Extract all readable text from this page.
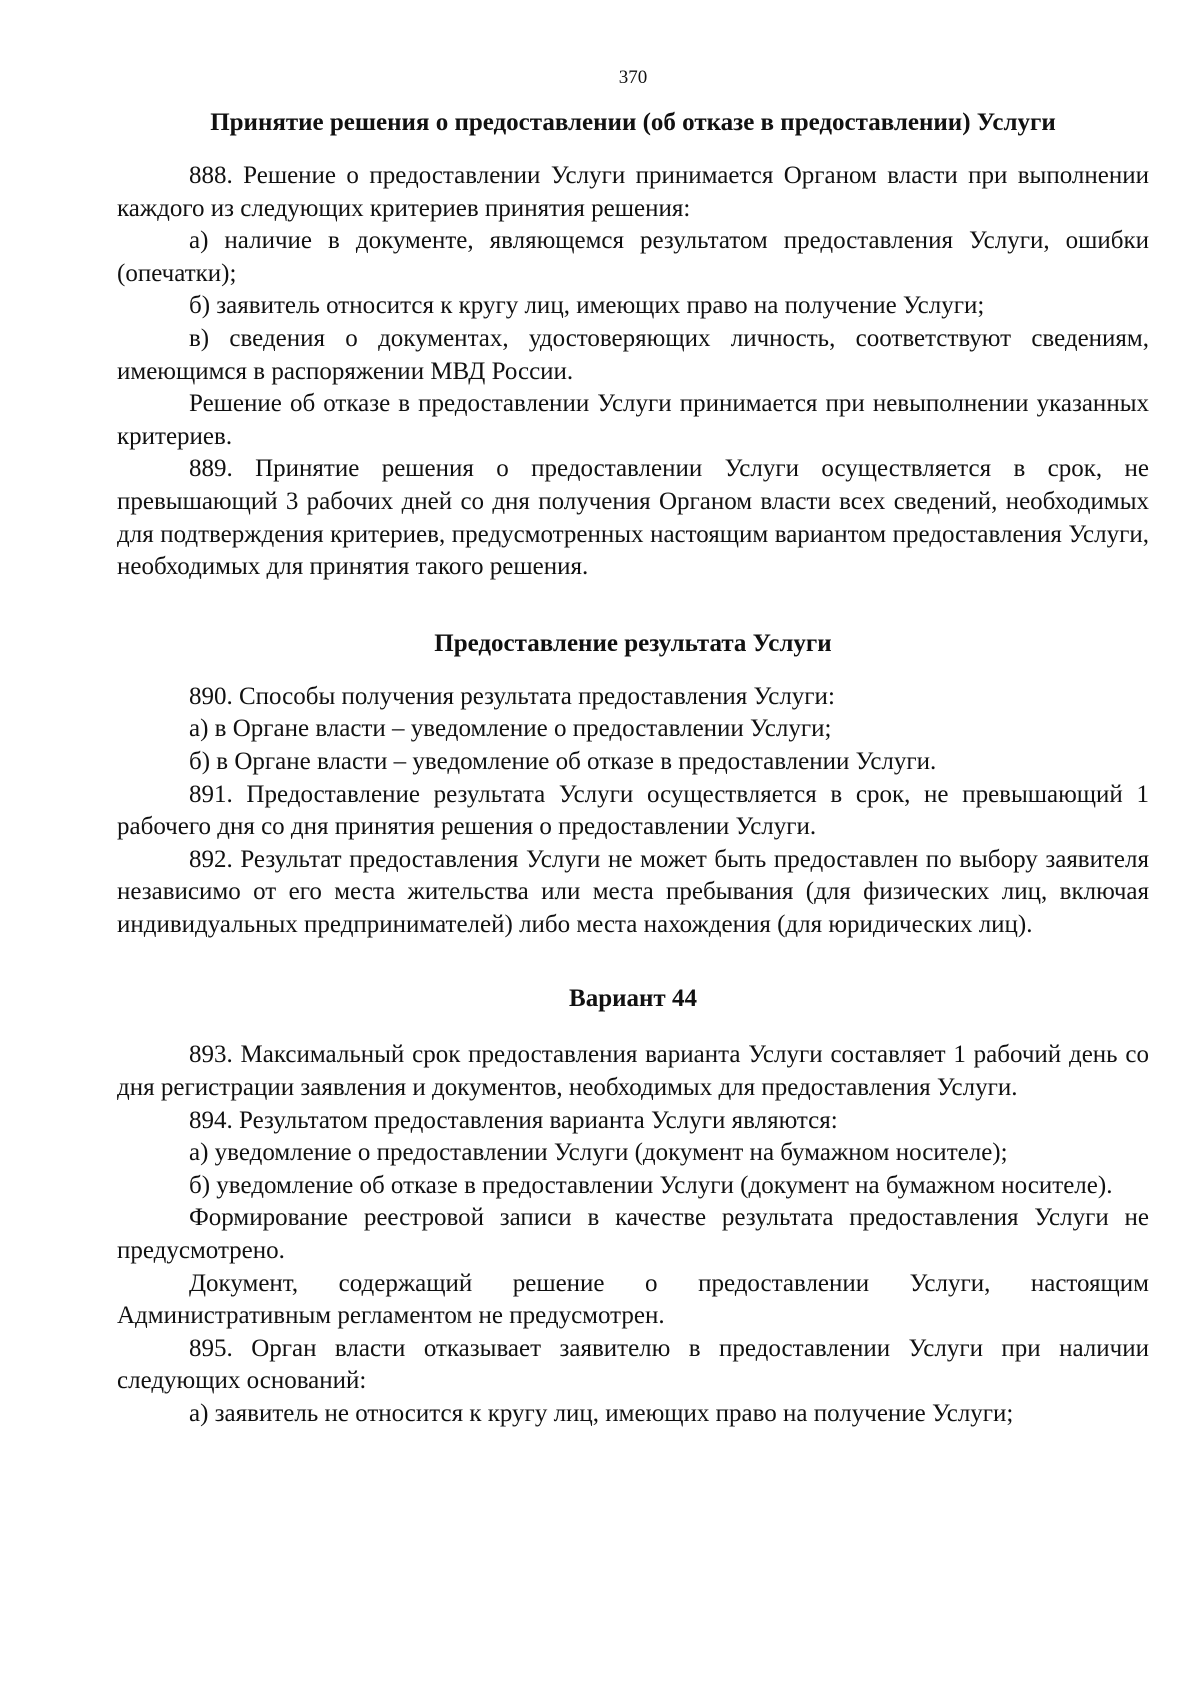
370
Принятие решения о предоставлении (об отказе в предоставлении) Услуги

888. Решение о предоставлении Услуги принимается Органом власти при выполнении каждого из следующих критериев принятия решения:

а) наличие в документе, являющемся результатом предоставления Услуги, ошибки (опечатки);

б) заявитель относится к кругу лиц, имеющих право на получение Услуги;

в) сведения о документах, удостоверяющих личность, соответствуют сведениям, имеющимся в распоряжении МВД России.

Решение об отказе в предоставлении Услуги принимается при невыполнении указанных критериев.

889. Принятие решения о предоставлении Услуги осуществляется в срок, не превышающий 3 рабочих дней со дня получения Органом власти всех сведений, необходимых для подтверждения критериев, предусмотренных настоящим вариантом предоставления Услуги, необходимых для принятия такого решения.

Предоставление результата Услуги

890. Способы получения результата предоставления Услуги:

а) в Органе власти – уведомление о предоставлении Услуги;

б) в Органе власти – уведомление об отказе в предоставлении Услуги.

891. Предоставление результата Услуги осуществляется в срок, не превышающий 1 рабочего дня со дня принятия решения о предоставлении Услуги.

892. Результат предоставления Услуги не может быть предоставлен по выбору заявителя независимо от его места жительства или места пребывания (для физических лиц, включая индивидуальных предпринимателей) либо места нахождения (для юридических лиц).

Вариант 44

893. Максимальный срок предоставления варианта Услуги составляет 1 рабочий день со дня регистрации заявления и документов, необходимых для предоставления Услуги.

894. Результатом предоставления варианта Услуги являются:

а) уведомление о предоставлении Услуги (документ на бумажном носителе);

б) уведомление об отказе в предоставлении Услуги (документ на бумажном носителе).

Формирование реестровой записи в качестве результата предоставления Услуги не предусмотрено.

Документ, содержащий решение о предоставлении Услуги, настоящим Административным регламентом не предусмотрен.

895. Орган власти отказывает заявителю в предоставлении Услуги при наличии следующих оснований:

а) заявитель не относится к кругу лиц, имеющих право на получение Услуги;
